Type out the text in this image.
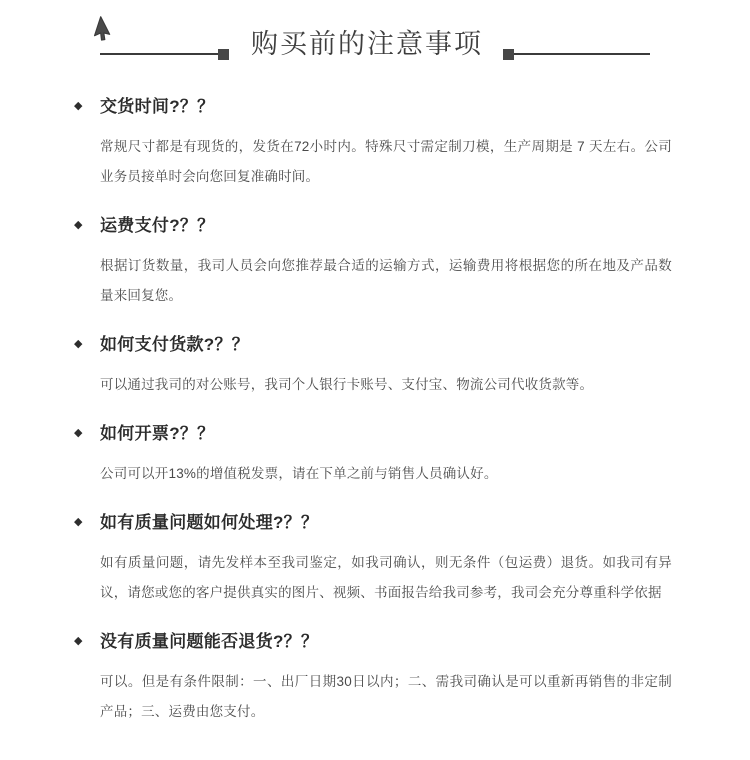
购买前的注意事项
◆	交货时间?？？

常规尺寸都是有现货的，发货在72小时内。特殊尺寸需定制刀模，生产周期是 7 天左右。公司业务员接单时会向您回复准确时间。

◆	运费支付?？？

根据订货数量，我司人员会向您推荐最合适的运输方式，运输费用将根据您的所在地及产品数量来回复您。

◆	如何支付货款?？？

可以通过我司的对公账号，我司个人银行卡账号、支付宝、物流公司代收货款等。

◆	如何开票?？？

公司可以开13%的增值税发票，请在下单之前与销售人员确认好。

◆	如有质量问题如何处理?？？

如有质量问题，请先发样本至我司鉴定，如我司确认，则无条件（包运费）退货。如我司有异议，请您或您的客户提供真实的图片、视频、书面报告给我司参考，我司会充分尊重科学依据

◆	没有质量问题能否退货?？？

可以。但是有条件限制：一、出厂日期30日以内；二、需我司确认是可以重新再销售的非定制产品；三、运费由您支付。
